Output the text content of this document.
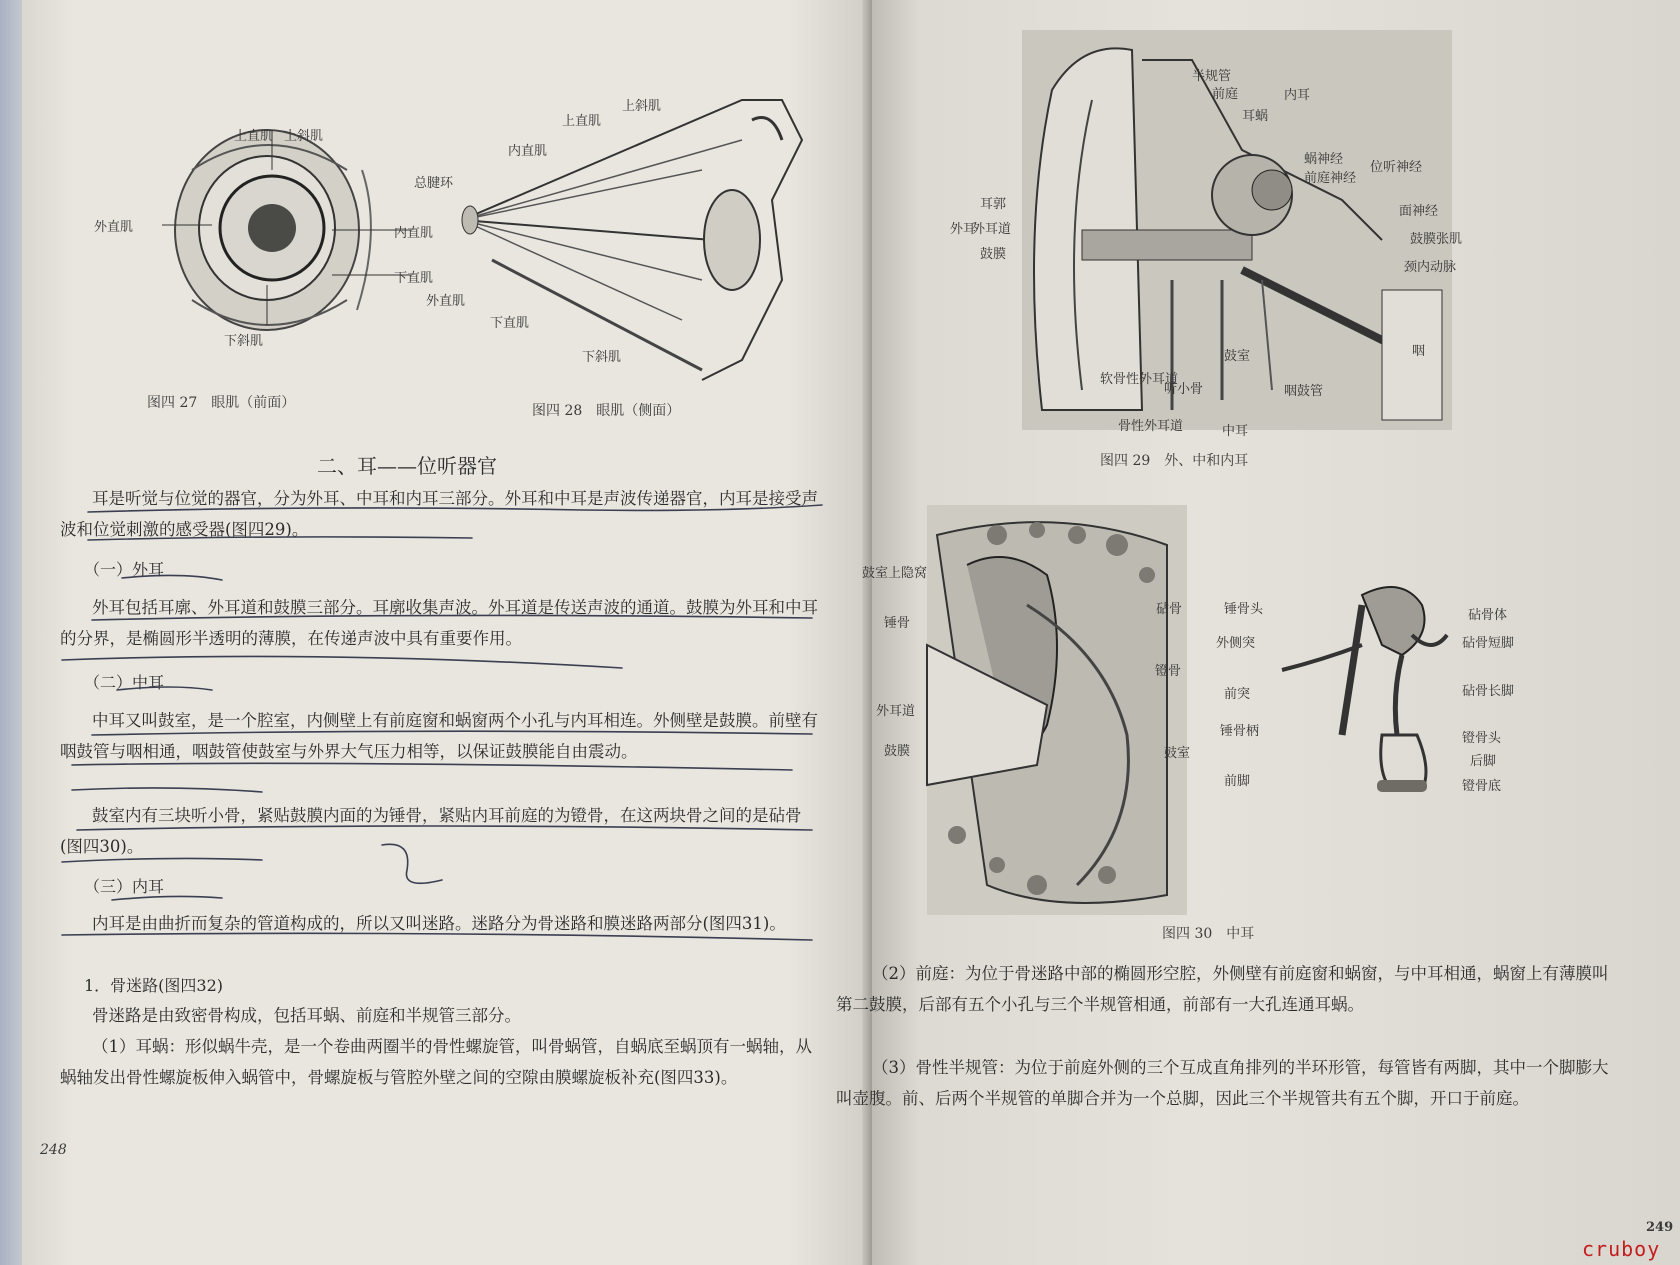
上直肌 上斜肌
外直肌	内直肌
下直肌
下斜肌
图四 27　眼肌（前面）
上斜肌
上直肌
内直肌
总腱环
外直肌
下直肌
下斜肌
图四 28　眼肌（侧面）
二、耳——位听器官
耳是听觉与位觉的器官，分为外耳、中耳和内耳三部分。外耳和中耳是声波传递器官，内耳是接受声波和位觉刺激的感受器(图四29)。
（一）外耳
外耳包括耳廓、外耳道和鼓膜三部分。耳廓收集声波。外耳道是传送声波的通道。鼓膜为外耳和中耳的分界，是椭圆形半透明的薄膜，在传递声波中具有重要作用。
（二）中耳
中耳又叫鼓室，是一个腔室，内侧壁上有前庭窗和蜗窗两个小孔与内耳相连。外侧壁是鼓膜。前壁有咽鼓管与咽相通，咽鼓管使鼓室与外界大气压力相等，以保证鼓膜能自由震动。
鼓室内有三块听小骨，紧贴鼓膜内面的为锤骨，紧贴内耳前庭的为镫骨，在这两块骨之间的是砧骨(图四30)。
（三）内耳
内耳是由曲折而复杂的管道构成的，所以又叫迷路。迷路分为骨迷路和膜迷路两部分(图四31)。
1．骨迷路(图四32)
骨迷路是由致密骨构成，包括耳蜗、前庭和半规管三部分。
（1）耳蜗：形似蜗牛壳，是一个卷曲两圈半的骨性螺旋管，叫骨蜗管，自蜗底至蜗顶有一蜗轴，从蜗轴发出骨性螺旋板伸入蜗管中，骨螺旋板与管腔外壁之间的空隙由膜螺旋板补充(图四33)。
248
半规管
前庭
耳蜗
内耳
蜗神经
前庭神经
位听神经
面神经
鼓膜张肌
颈内动脉
咽
耳郭
外耳
外耳道
鼓膜
软骨性外耳道
听小骨
鼓室
咽鼓管
骨性外耳道	中耳
图四 29　外、中和内耳
鼓室上隐窝
砧骨
锤骨
镫骨
外耳道
鼓膜	鼓室
图四 30　中耳
锤骨头	砧骨体
外侧突	砧骨短脚
前突	砧骨长脚
锤骨柄	镫骨头
后脚
前脚	镫骨底
（2）前庭：为位于骨迷路中部的椭圆形空腔，外侧壁有前庭窗和蜗窗，与中耳相通，蜗窗上有薄膜叫第二鼓膜，后部有五个小孔与三个半规管相通，前部有一大孔连通耳蜗。
（3）骨性半规管：为位于前庭外侧的三个互成直角排列的半环形管，每管皆有两脚，其中一个脚膨大叫壶腹。前、后两个半规管的单脚合并为一个总脚，因此三个半规管共有五个脚，开口于前庭。
249
cruboy
